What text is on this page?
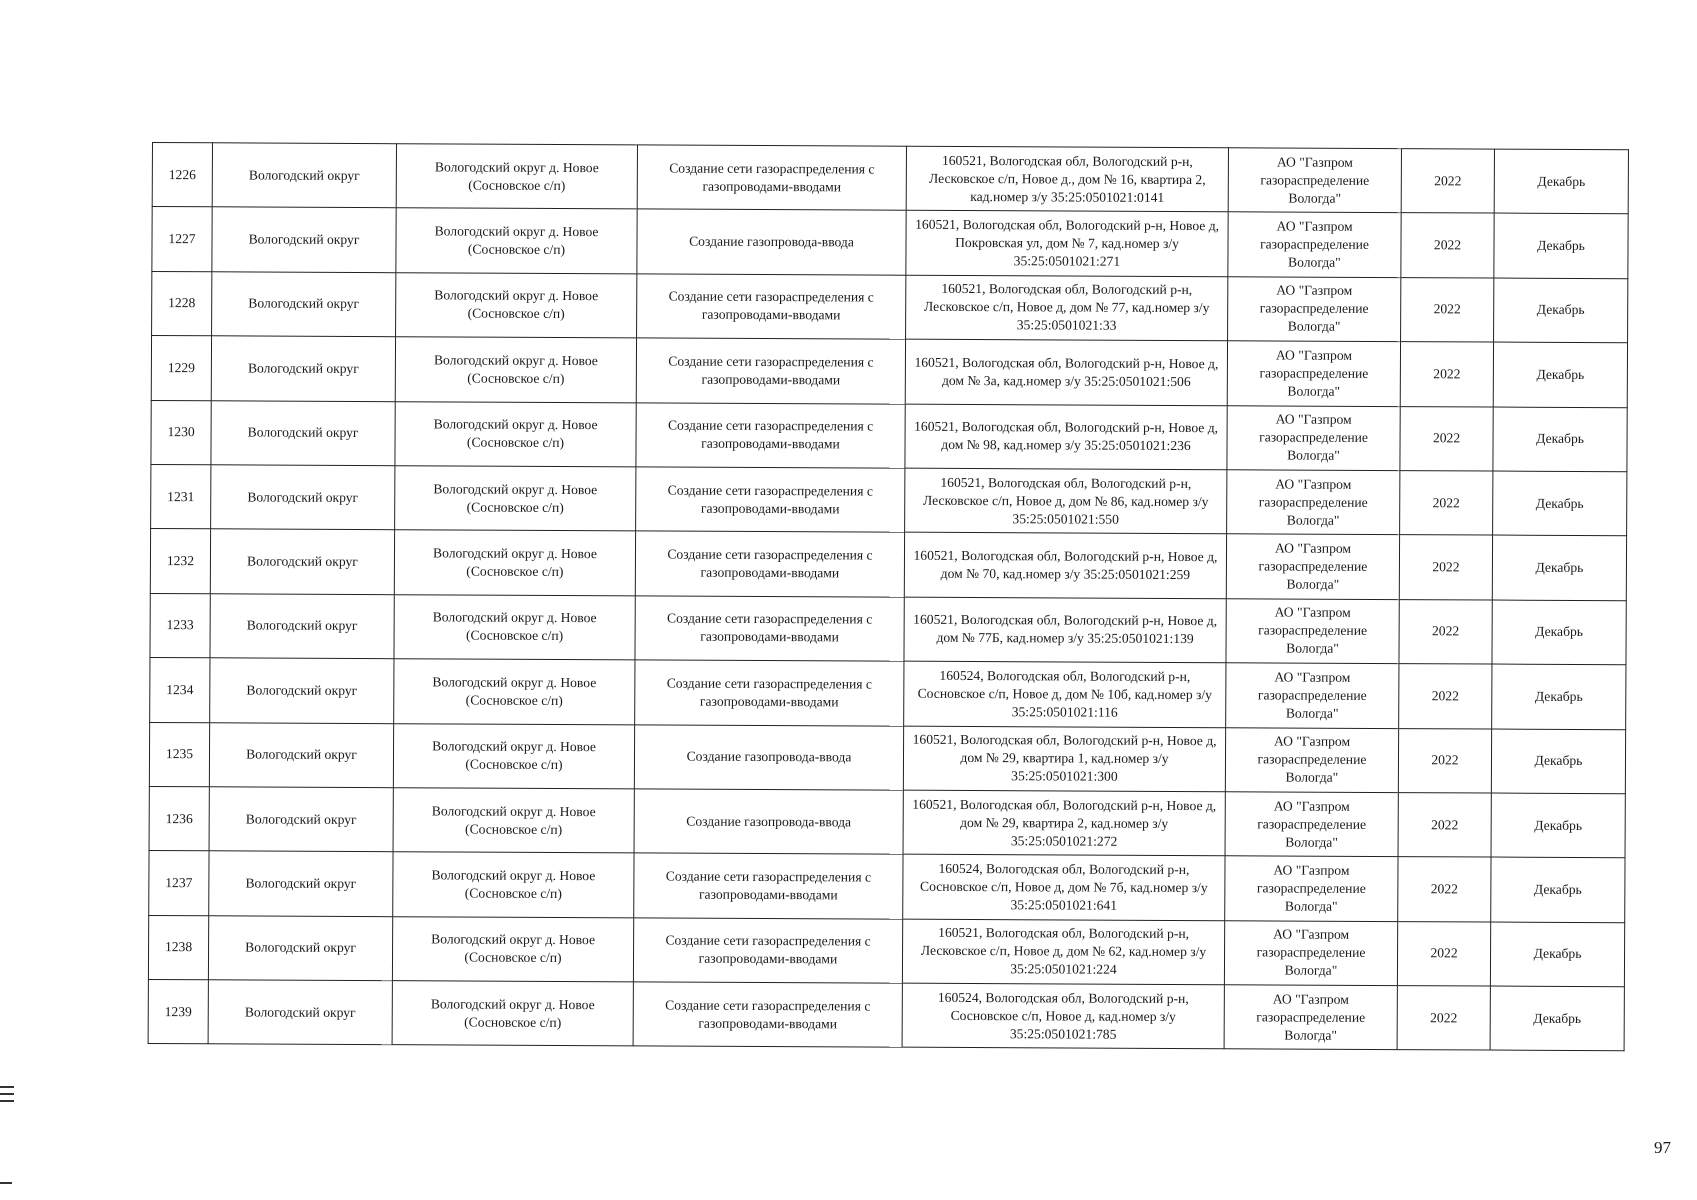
1226	Вологодский округ	Вологодский округ д. Новое (Сосновское с/п)	Создание сети газораспределения с газопроводами-вводами	160521, Вологодская обл, Вологодский р-н, Лесковское с/п, Новое д., дом № 16, квартира 2, кад.номер з/у 35:25:0501021:0141	АО "Газпром газораспределение Вологда"	2022	Декабрь
1227	Вологодский округ	Вологодский округ д. Новое (Сосновское с/п)	Создание газопровода-ввода	160521, Вологодская обл, Вологодский р-н, Новое д, Покровская ул, дом № 7, кад.номер з/у 35:25:0501021:271	АО "Газпром газораспределение Вологда"	2022	Декабрь
1228	Вологодский округ	Вологодский округ д. Новое (Сосновское с/п)	Создание сети газораспределения с газопроводами-вводами	160521, Вологодская обл, Вологодский р-н, Лесковское с/п, Новое д, дом № 77, кад.номер з/у 35:25:0501021:33	АО "Газпром газораспределение Вологда"	2022	Декабрь
1229	Вологодский округ	Вологодский округ д. Новое (Сосновское с/п)	Создание сети газораспределения с газопроводами-вводами	160521, Вологодская обл, Вологодский р-н, Новое д, дом № 3а, кад.номер з/у 35:25:0501021:506	АО "Газпром газораспределение Вологда"	2022	Декабрь
1230	Вологодский округ	Вологодский округ д. Новое (Сосновское с/п)	Создание сети газораспределения с газопроводами-вводами	160521, Вологодская обл, Вологодский р-н, Новое д, дом № 98, кад.номер з/у 35:25:0501021:236	АО "Газпром газораспределение Вологда"	2022	Декабрь
1231	Вологодский округ	Вологодский округ д. Новое (Сосновское с/п)	Создание сети газораспределения с газопроводами-вводами	160521, Вологодская обл, Вологодский р-н, Лесковское с/п, Новое д, дом № 86, кад.номер з/у 35:25:0501021:550	АО "Газпром газораспределение Вологда"	2022	Декабрь
1232	Вологодский округ	Вологодский округ д. Новое (Сосновское с/п)	Создание сети газораспределения с газопроводами-вводами	160521, Вологодская обл, Вологодский р-н, Новое д, дом № 70, кад.номер з/у 35:25:0501021:259	АО "Газпром газораспределение Вологда"	2022	Декабрь
1233	Вологодский округ	Вологодский округ д. Новое (Сосновское с/п)	Создание сети газораспределения с газопроводами-вводами	160521, Вологодская обл, Вологодский р-н, Новое д, дом № 77Б, кад.номер з/у 35:25:0501021:139	АО "Газпром газораспределение Вологда"	2022	Декабрь
1234	Вологодский округ	Вологодский округ д. Новое (Сосновское с/п)	Создание сети газораспределения с газопроводами-вводами	160524, Вологодская обл, Вологодский р-н, Сосновское с/п, Новое д, дом № 10б, кад.номер з/у 35:25:0501021:116	АО "Газпром газораспределение Вологда"	2022	Декабрь
1235	Вологодский округ	Вологодский округ д. Новое (Сосновское с/п)	Создание газопровода-ввода	160521, Вологодская обл, Вологодский р-н, Новое д, дом № 29, квартира 1, кад.номер з/у 35:25:0501021:300	АО "Газпром газораспределение Вологда"	2022	Декабрь
1236	Вологодский округ	Вологодский округ д. Новое (Сосновское с/п)	Создание газопровода-ввода	160521, Вологодская обл, Вологодский р-н, Новое д, дом № 29, квартира 2, кад.номер з/у 35:25:0501021:272	АО "Газпром газораспределение Вологда"	2022	Декабрь
1237	Вологодский округ	Вологодский округ д. Новое (Сосновское с/п)	Создание сети газораспределения с газопроводами-вводами	160524, Вологодская обл, Вологодский р-н, Сосновское с/п, Новое д, дом № 7б, кад.номер з/у 35:25:0501021:641	АО "Газпром газораспределение Вологда"	2022	Декабрь
1238	Вологодский округ	Вологодский округ д. Новое (Сосновское с/п)	Создание сети газораспределения с газопроводами-вводами	160521, Вологодская обл, Вологодский р-н, Лесковское с/п, Новое д, дом № 62, кад.номер з/у 35:25:0501021:224	АО "Газпром газораспределение Вологда"	2022	Декабрь
1239	Вологодский округ	Вологодский округ д. Новое (Сосновское с/п)	Создание сети газораспределения с газопроводами-вводами	160524, Вологодская обл, Вологодский р-н, Сосновское с/п, Новое д, кад.номер з/у 35:25:0501021:785	АО "Газпром газораспределение Вологда"	2022	Декабрь
97
